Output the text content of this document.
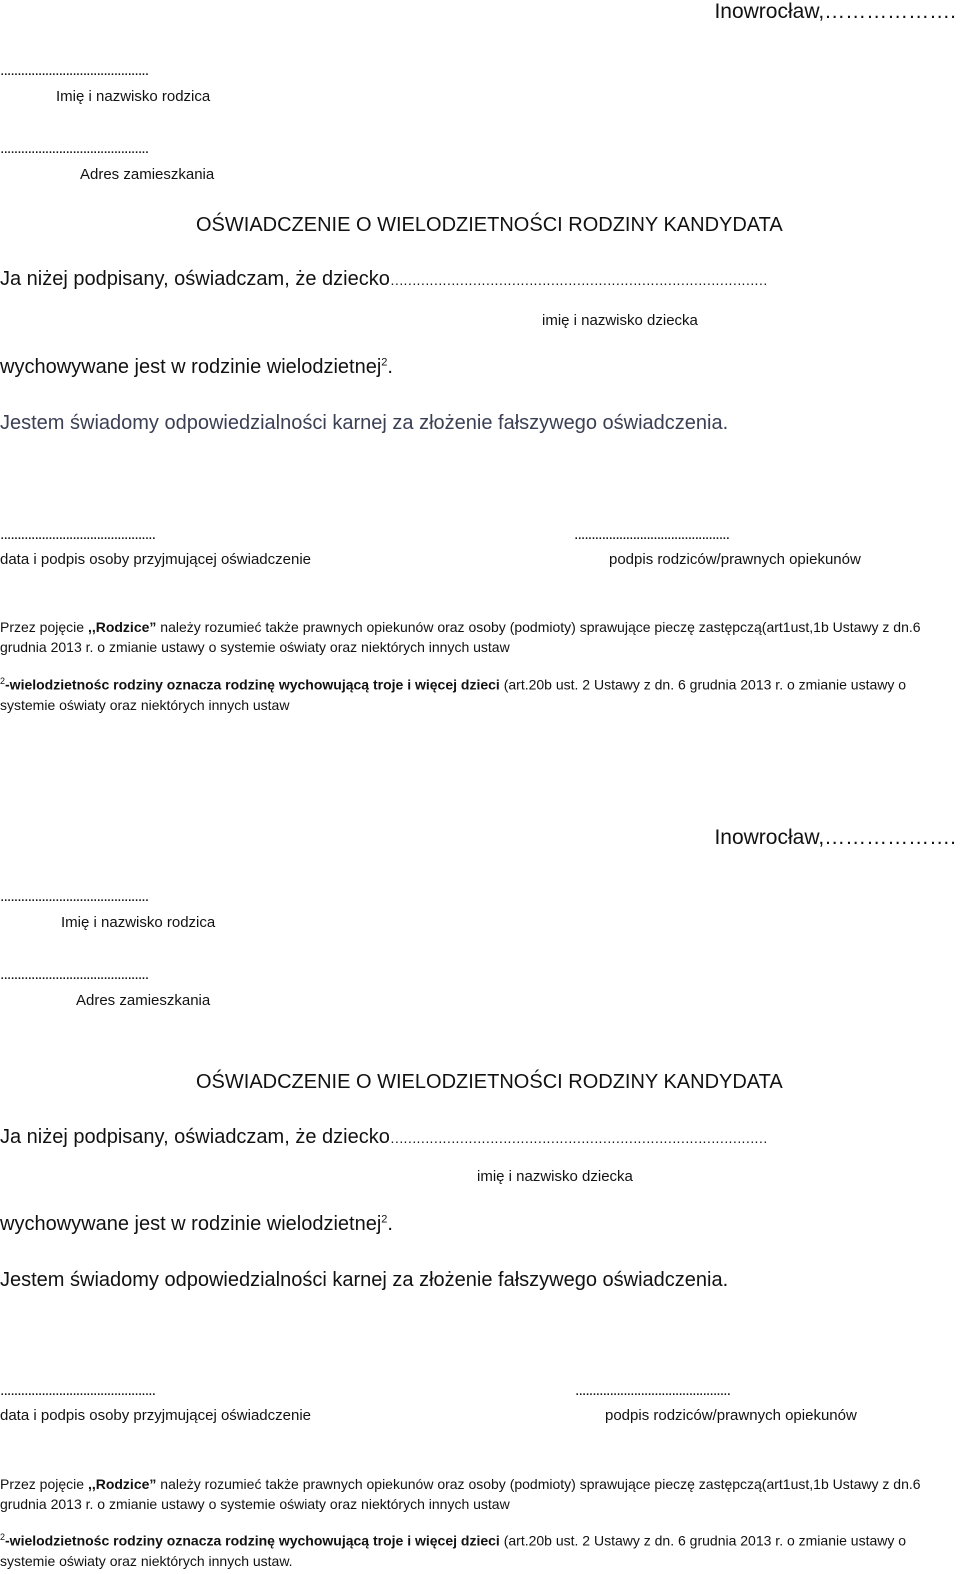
Inowrocław,……………….
...........................................
Imię i nazwisko rodzica
...........................................
Adres zamieszkania
OŚWIADCZENIE O WIELODZIETNOŚCI RODZINY KANDYDATA
Ja niżej podpisany, oświadczam, że dziecko……………………………………………………………………………
imię i nazwisko dziecka
wychowywane jest w rodzinie wielodzietnej$^2$.
Jestem świadomy odpowiedzialności karnej za złożenie fałszywego oświadczenia.
.............................................
data i podpis osoby przyjmującej oświadczenie
.............................................
podpis rodziców/prawnych opiekunów
Przez pojęcie ,,Rodzice” należy rozumieć także prawnych opiekunów oraz osoby (podmioty) sprawujące pieczę zastępczą(art1ust,1b Ustawy z dn.6 grudnia 2013 r. o zmianie ustawy o systemie oświaty oraz niektórych innych ustaw
$^2$-wielodzietnośc rodziny oznacza rodzinę wychowującą troje i więcej dzieci (art.20b ust. 2 Ustawy z dn. 6 grudnia 2013 r. o zmianie ustawy o systemie oświaty oraz niektórych innych ustaw
Inowrocław,……………….
...........................................
Imię i nazwisko rodzica
...........................................
Adres zamieszkania
OŚWIADCZENIE O WIELODZIETNOŚCI RODZINY KANDYDATA
Ja niżej podpisany, oświadczam, że dziecko……………………………………………………………………………
imię i nazwisko dziecka
wychowywane jest w rodzinie wielodzietnej$^2$.
Jestem świadomy odpowiedzialności karnej za złożenie fałszywego oświadczenia.
.............................................
data i podpis osoby przyjmującej oświadczenie
.............................................
podpis rodziców/prawnych opiekunów
Przez pojęcie ,,Rodzice” należy rozumieć także prawnych opiekunów oraz osoby (podmioty) sprawujące pieczę zastępczą(art1ust,1b Ustawy z dn.6 grudnia 2013 r. o zmianie ustawy o systemie oświaty oraz niektórych innych ustaw
$^2$-wielodzietnośc rodziny oznacza rodzinę wychowującą troje i więcej dzieci (art.20b ust. 2 Ustawy z dn. 6 grudnia 2013 r. o zmianie ustawy o systemie oświaty oraz niektórych innych ustaw.
